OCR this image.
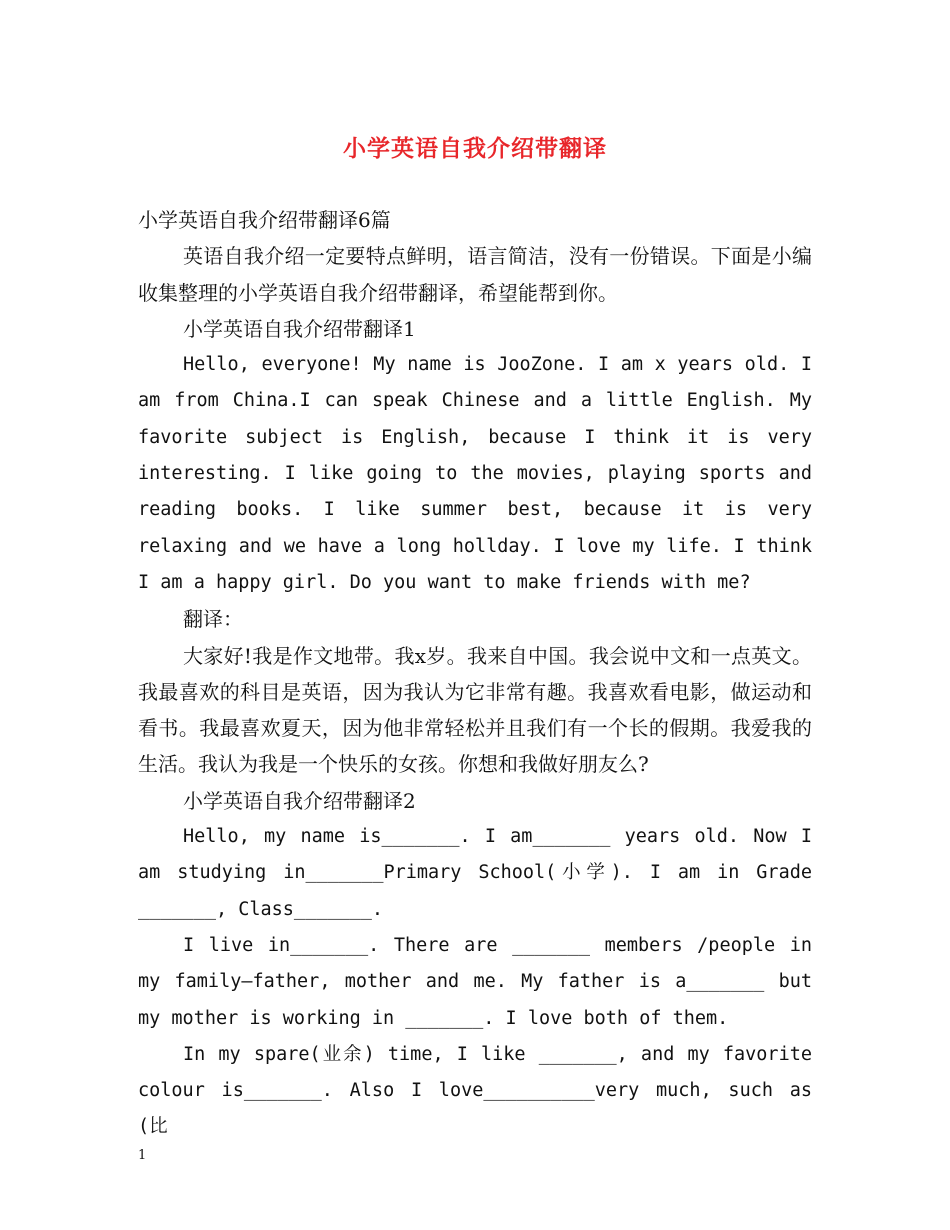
小学英语自我介绍带翻译

小学英语自我介绍带翻译6篇

英语自我介绍一定要特点鲜明，语言简洁，没有一份错误。下面是小编收集整理的小学英语自我介绍带翻译，希望能帮到你。

小学英语自我介绍带翻译1

Hello, everyone! My name is JooZone. I am x years old. I am from China.I can speak Chinese and a little English. My favorite subject is English, because I think it is very interesting. I like going to the movies, playing sports and reading books. I like summer best, because it is very relaxing and we have a long hollday. I love my life. I think I am a happy girl. Do you want to make friends with me?

翻译：

大家好!我是作文地带。我x岁。我来自中国。我会说中文和一点英文。我最喜欢的科目是英语，因为我认为它非常有趣。我喜欢看电影，做运动和看书。我最喜欢夏天，因为他非常轻松并且我们有一个长的假期。我爱我的生活。我认为我是一个快乐的女孩。你想和我做好朋友么?

小学英语自我介绍带翻译2

Hello, my name is_______. I am_______ years old. Now I am studying in_______Primary School(小学). I am in Grade _______, Class_______.

I live in_______. There are _______ members /people in my family—father, mother and me. My father is a_______ but my mother is working in _______. I love both of them.

In my spare(业余) time, I like _______, and my favorite colour is_______. Also I love__________very much, such as (比

1
